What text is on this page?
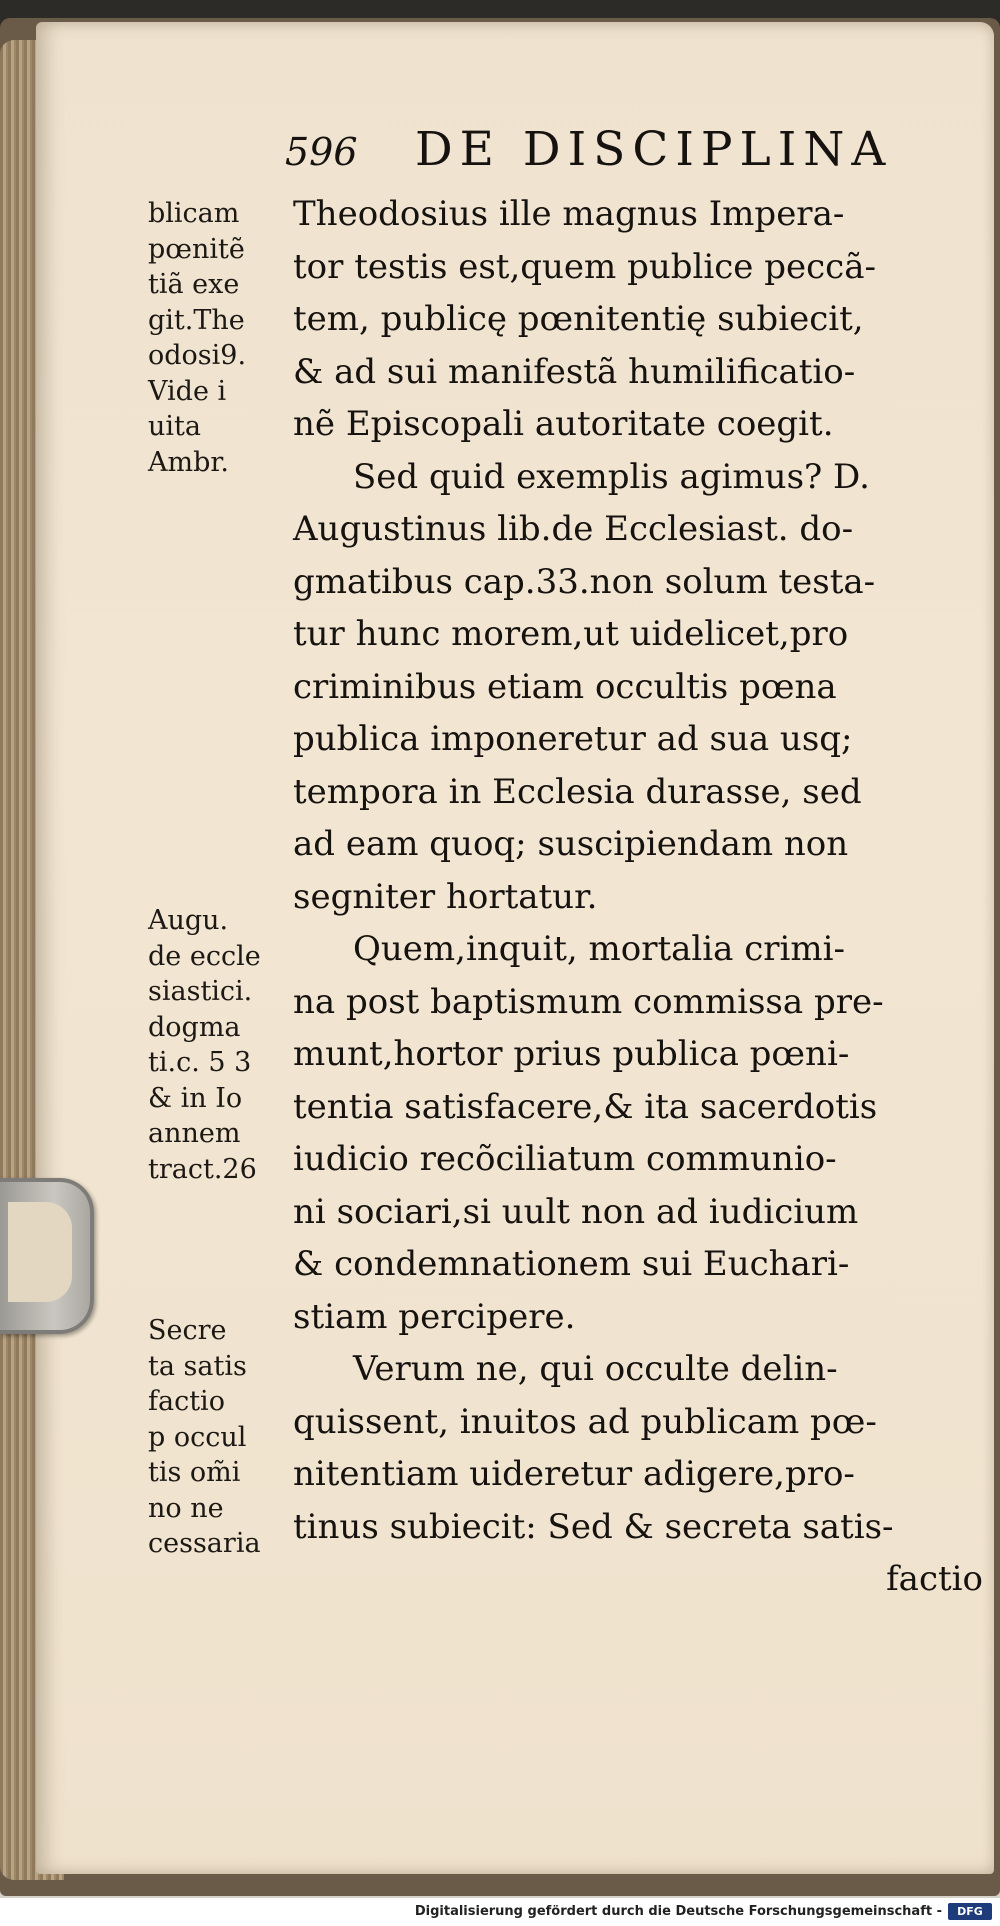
596 DE DISCIPLINA
blicam
pœnitẽ
tiã exe
git.The
odosi9.
Vide i
uita
Ambr.
Augu.
de eccle
siastici.
dogma
ti.c. 5 3
& in Io
annem
tract.26
Secre
ta satis
factio
p occul
tis om̃i
no ne
cessaria
Theodosius ille magnus Impera-
tor testis est,quem publice peccã-
tem, publicę pœnitentię subiecit,
& ad sui manifestã humilificatio-
nẽ Episcopali autoritate coegit.
Sed quid exemplis agimus? D.
Augustinus lib.de Ecclesiast. do-
gmatibus cap.33.non solum testa-
tur hunc morem,ut uidelicet,pro
criminibus etiam occultis pœna
publica imponeretur ad sua usq;
tempora in Ecclesia durasse, sed
ad eam quoq; suscipiendam non
segniter hortatur.
Quem,inquit, mortalia crimi-
na post baptismum commissa pre-
munt,hortor prius publica pœni-
tentia satisfacere,& ita sacerdotis
iudicio recõciliatum communio-
ni sociari,si uult non ad iudicium
& condemnationem sui Euchari-
stiam percipere.
Verum ne, qui occulte delin-
quissent, inuitos ad publicam pœ-
nitentiam uideretur adigere,pro-
tinus subiecit: Sed & secreta satis-
factio
Digitalisierung gefördert durch die Deutsche Forschungsgemeinschaft -	DFG
